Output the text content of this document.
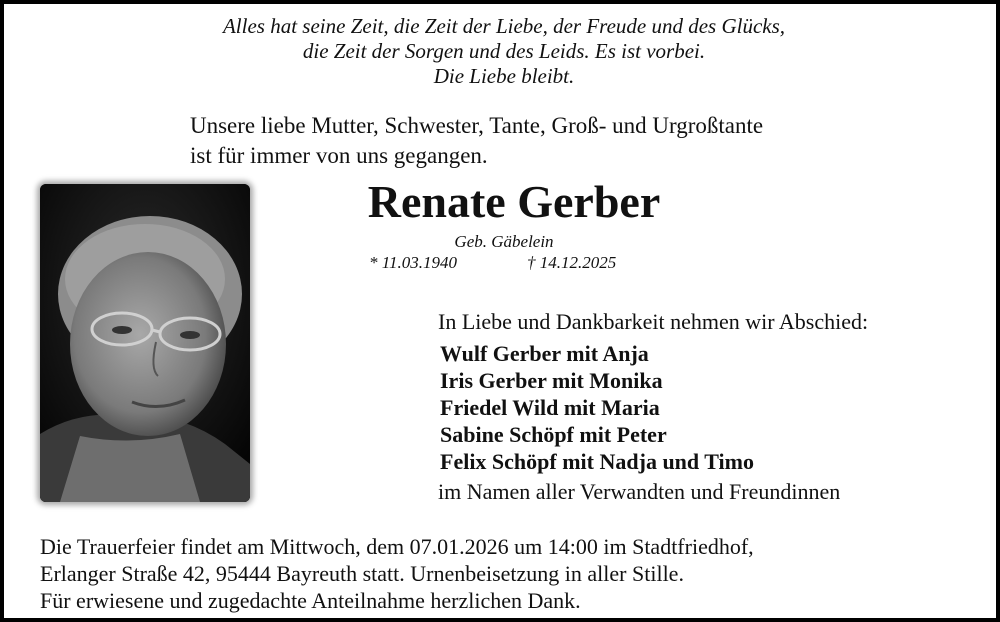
Alles hat seine Zeit, die Zeit der Liebe, der Freude und des Glücks,
die Zeit der Sorgen und des Leids. Es ist vorbei.
Die Liebe bleibt.
Unsere liebe Mutter, Schwester, Tante, Groß- und Urgroßtante
ist für immer von uns gegangen.
Renate Gerber
Geb. Gäbelein
* 11.03.1940	† 14.12.2025
In Liebe und Dankbarkeit nehmen wir Abschied:
Wulf Gerber mit Anja
Iris Gerber mit Monika
Friedel Wild mit Maria
Sabine Schöpf mit Peter
Felix Schöpf mit Nadja und Timo
im Namen aller Verwandten und Freundinnen
Die Trauerfeier findet am Mittwoch, dem 07.01.2026 um 14:00 im Stadtfriedhof,
Erlanger Straße 42, 95444 Bayreuth statt. Urnenbeisetzung in aller Stille.
Für erwiesene und zugedachte Anteilnahme herzlichen Dank.
